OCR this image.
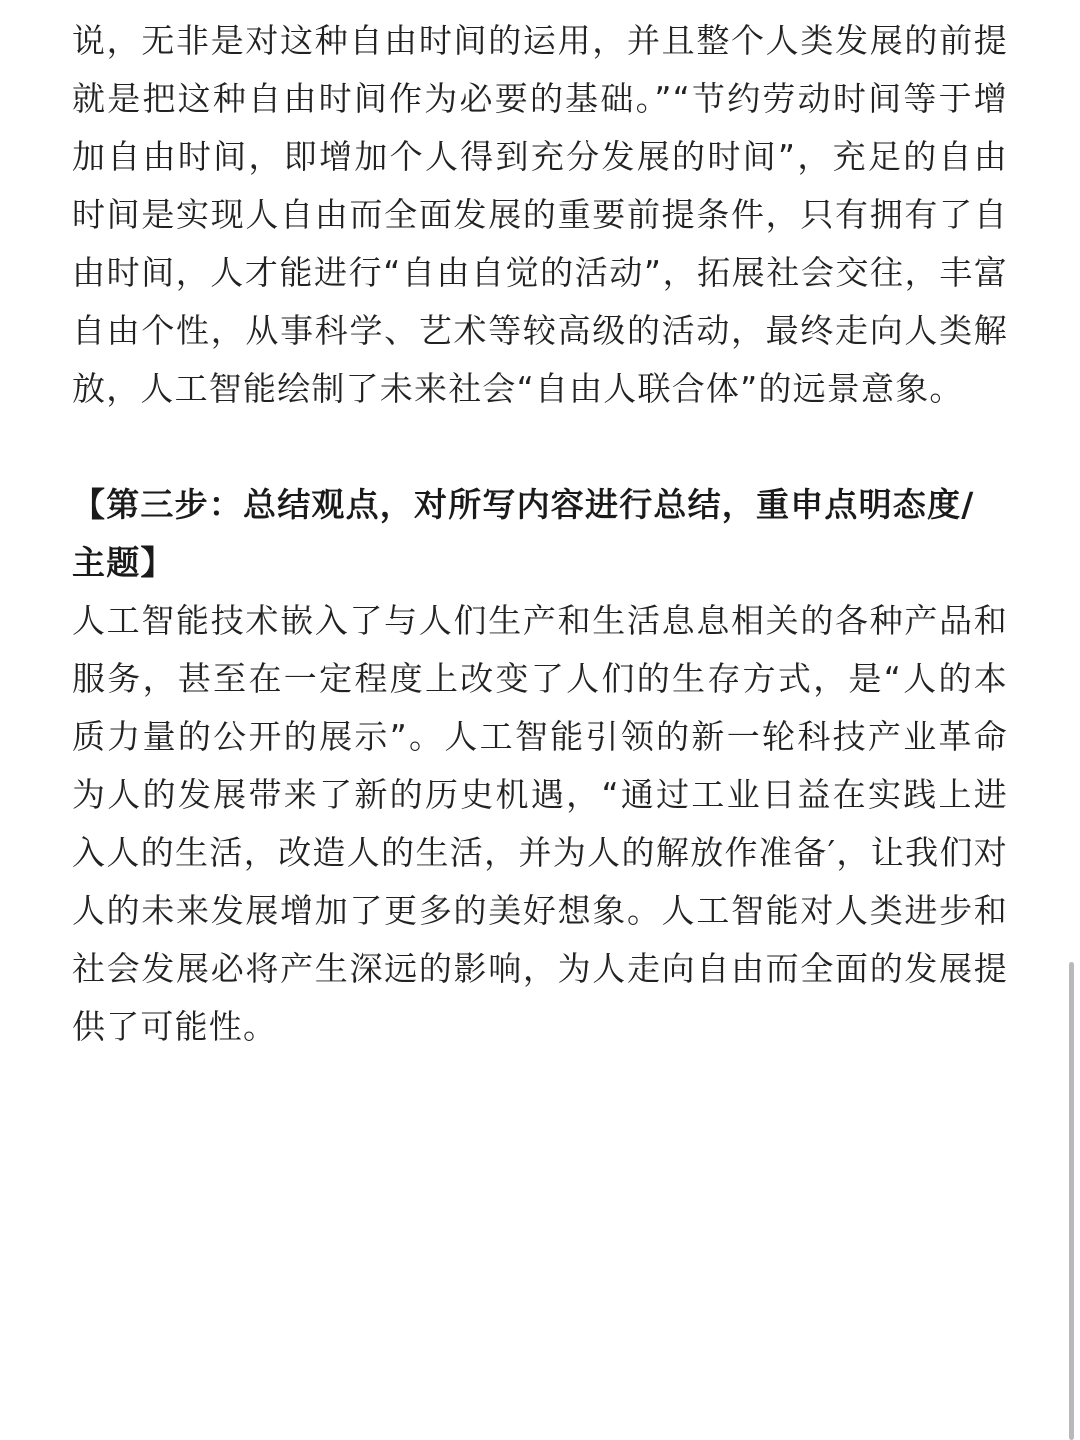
说，无非是对这种自由时间的运用，并且整个人类发展的前提就是把这种自由时间作为必要的基础。”“节约劳动时间等于增加自由时间，即增加个人得到充分发展的时间”，充足的自由时间是实现人自由而全面发展的重要前提条件，只有拥有了自由时间，人才能进行“自由自觉的活动”，拓展社会交往，丰富自由个性，从事科学、艺术等较高级的活动，最终走向人类解放，人工智能绘制了未来社会“自由人联合体”的远景意象。

【第三步：总结观点，对所写内容进行总结，重申点明态度/主题】

人工智能技术嵌入了与人们生产和生活息息相关的各种产品和服务，甚至在一定程度上改变了人们的生存方式，是“人的本质力量的公开的展示”。人工智能引领的新一轮科技产业革命为人的发展带来了新的历史机遇，“通过工业日益在实践上进入人的生活，改造人的生活，并为人的解放作准备′，让我们对人的未来发展增加了更多的美好想象。人工智能对人类进步和社会发展必将产生深远的影响，为人走向自由而全面的发展提供了可能性。
